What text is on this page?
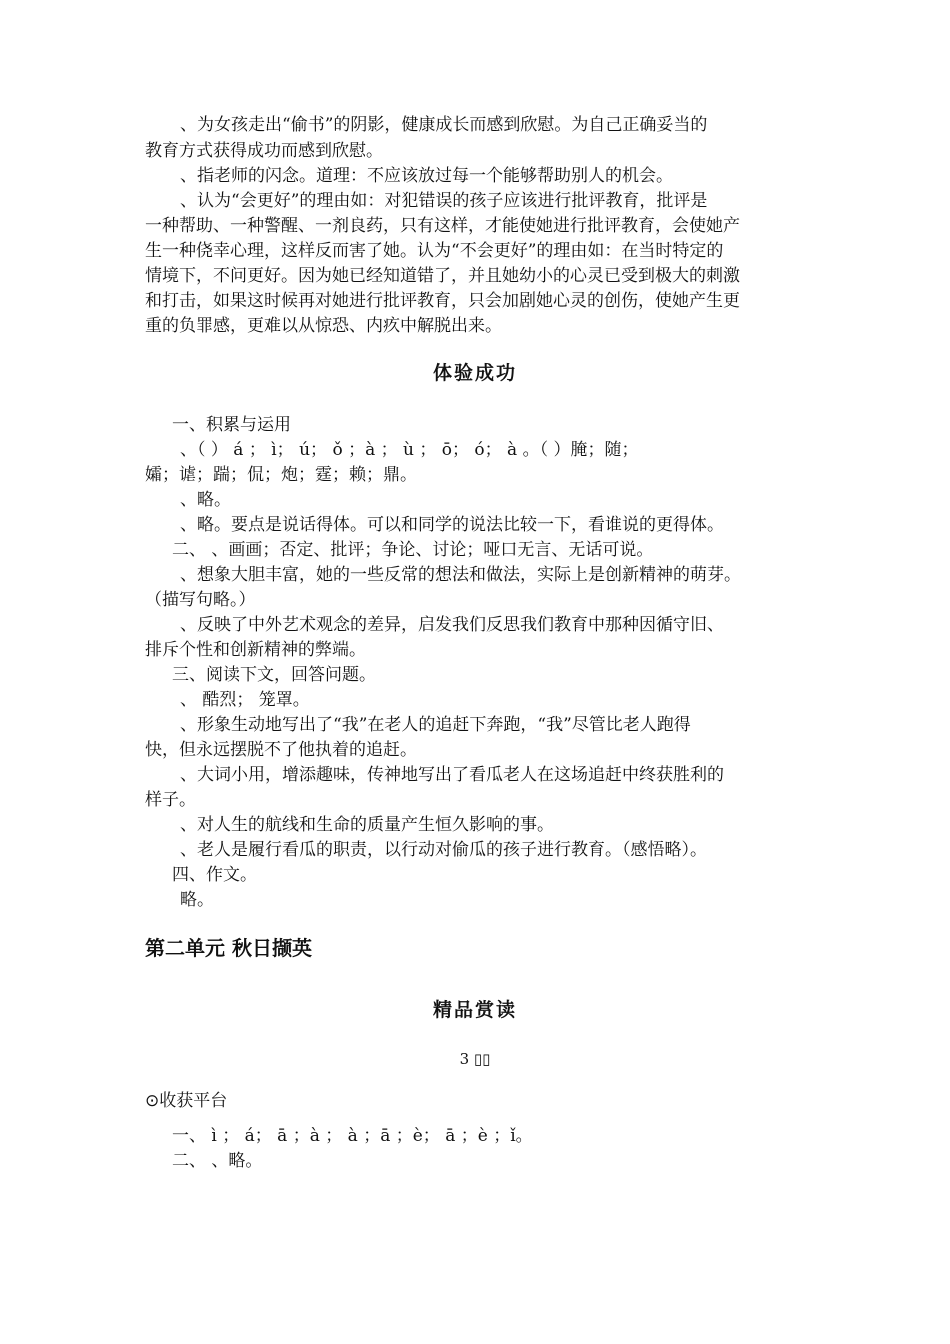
、为女孩走出“偷书”的阴影，健康成长而感到欣慰。为自己正确妥当的
教育方式获得成功而感到欣慰。
、指老师的闪念。道理：不应该放过每一个能够帮助别人的机会。
、认为“会更好”的理由如：对犯错误的孩子应该进行批评教育，批评是
一种帮助、一种警醒、一剂良药，只有这样，才能使她进行批评教育，会使她产
生一种侥幸心理，这样反而害了她。认为“不会更好”的理由如：在当时特定的
情境下，不问更好。因为她已经知道错了，并且她幼小的心灵已受到极大的刺激
和打击，如果这时候再对她进行批评教育，只会加剧她心灵的创伤，使她产生更
重的负罪感，更难以从惊恐、内疚中解脱出来。
体验成功
一、积累与运用
、（ ） á ； ì； ú； ǒ ；à ； ù ； ō； ó； à 。（ ）腌；随；
孀；谑；踹；侃；炮；霆；赖；鼎。
、略。
、略。要点是说话得体。可以和同学的说法比较一下，看谁说的更得体。
二、 、画画；否定、批评；争论、讨论；哑口无言、无话可说。
、想象大胆丰富，她的一些反常的想法和做法，实际上是创新精神的萌芽。
（描写句略。）
、反映了中外艺术观念的差异，启发我们反思我们教育中那种因循守旧、
排斥个性和创新精神的弊端。
三、阅读下文，回答问题。
、 酷烈； 笼罩。
、形象生动地写出了“我”在老人的追赶下奔跑，“我”尽管比老人跑得
快，但永远摆脱不了他执着的追赶。
、大词小用，增添趣味，传神地写出了看瓜老人在这场追赶中终获胜利的
样子。
、对人生的航线和生命的质量产生恒久影响的事。
、老人是履行看瓜的职责，以行动对偷瓜的孩子进行教育。（感悟略）。
四、作文。
略。
第二单元 秋日撷英
精品赏读
3 ▯▯
⊙收获平台
一、 ì ； á； ā ；à ； à ；ā ；è； ā ；è ；ǐ。
二、 、略。
